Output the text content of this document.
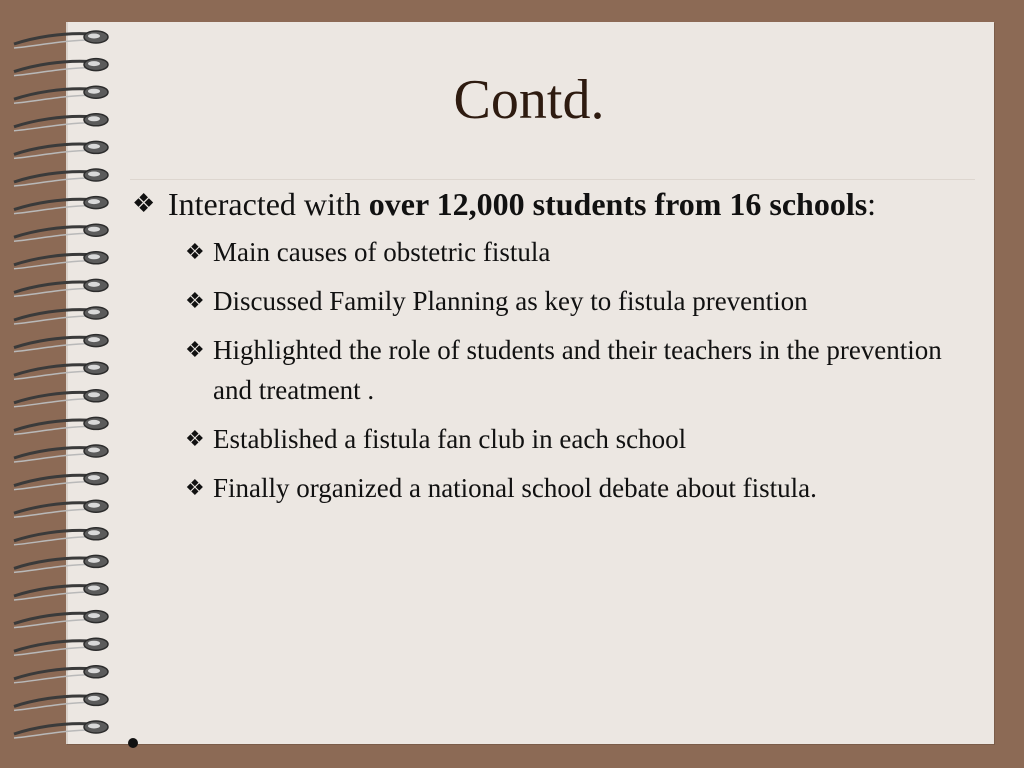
Contd.

❖ Interacted with over 12,000 students from 16 schools:

❖ Main causes of obstetric fistula
❖ Discussed Family Planning as key to fistula prevention
❖ Highlighted the role of students and their teachers in the prevention and treatment .
❖ Established a fistula fan club in each school
❖ Finally organized a national school debate about fistula.
